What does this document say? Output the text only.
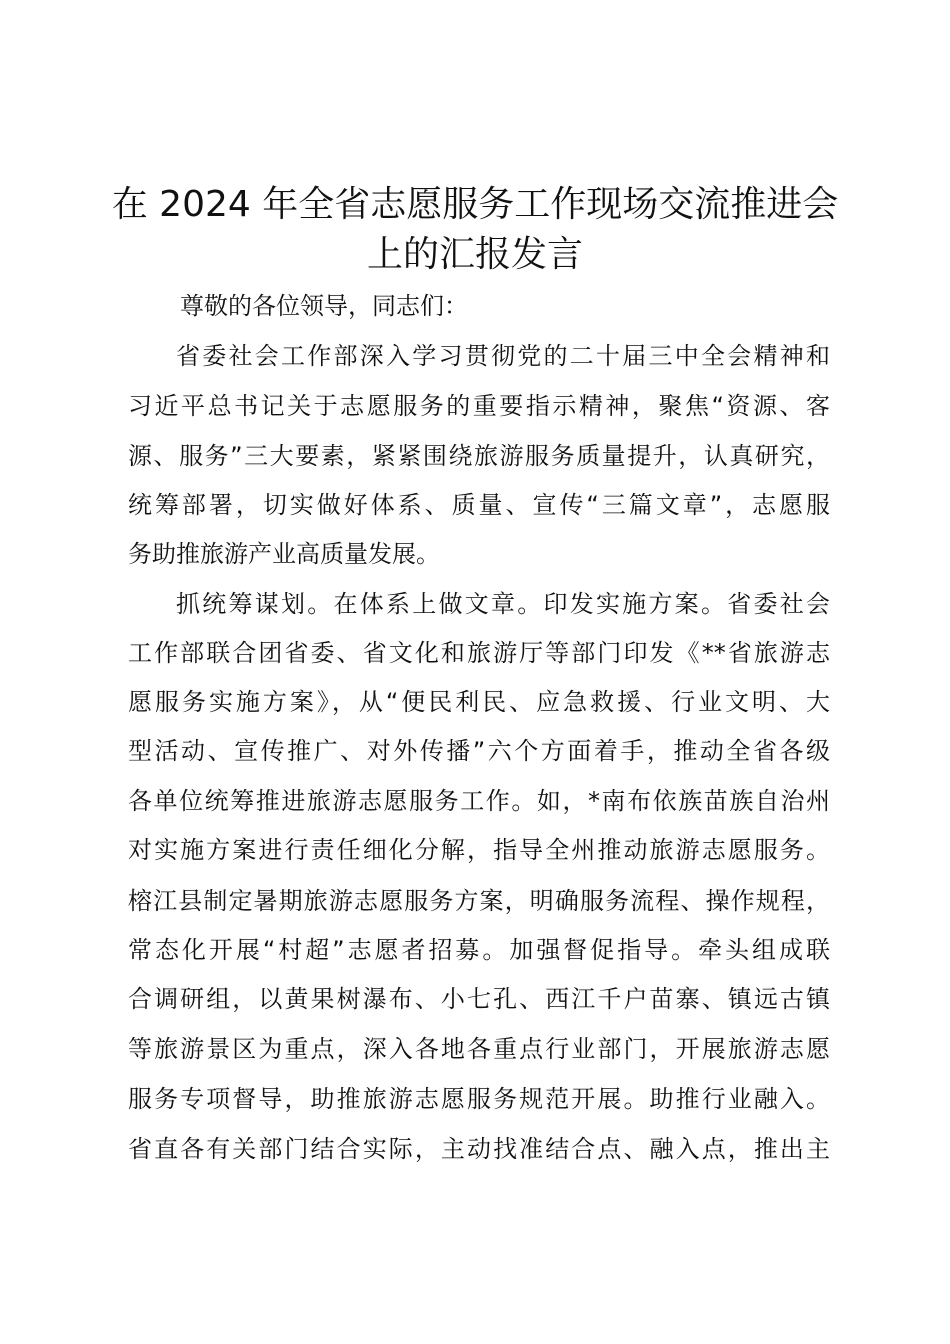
在 2024 年全省志愿服务工作现场交流推进会
上的汇报发言

尊敬的各位领导，同志们：

省委社会工作部深入学习贯彻党的二十届三中全会精神和

习近平总书记关于志愿服务的重要指示精神，聚焦“资源、客

源、服务”三大要素，紧紧围绕旅游服务质量提升，认真研究，

统筹部署，切实做好体系、质量、宣传“三篇文章”，志愿服

务助推旅游产业高质量发展。

抓统筹谋划。在体系上做文章。印发实施方案。省委社会

工作部联合团省委、省文化和旅游厅等部门印发《**省旅游志

愿服务实施方案》，从“便民利民、应急救援、行业文明、大

型活动、宣传推广、对外传播”六个方面着手，推动全省各级

各单位统筹推进旅游志愿服务工作。如，*南布依族苗族自治州

对实施方案进行责任细化分解，指导全州推动旅游志愿服务。

榕江县制定暑期旅游志愿服务方案，明确服务流程、操作规程，

常态化开展“村超”志愿者招募。加强督促指导。牵头组成联

合调研组，以黄果树瀑布、小七孔、西江千户苗寨、镇远古镇

等旅游景区为重点，深入各地各重点行业部门，开展旅游志愿

服务专项督导，助推旅游志愿服务规范开展。助推行业融入。

省直各有关部门结合实际，主动找准结合点、融入点，推出主
